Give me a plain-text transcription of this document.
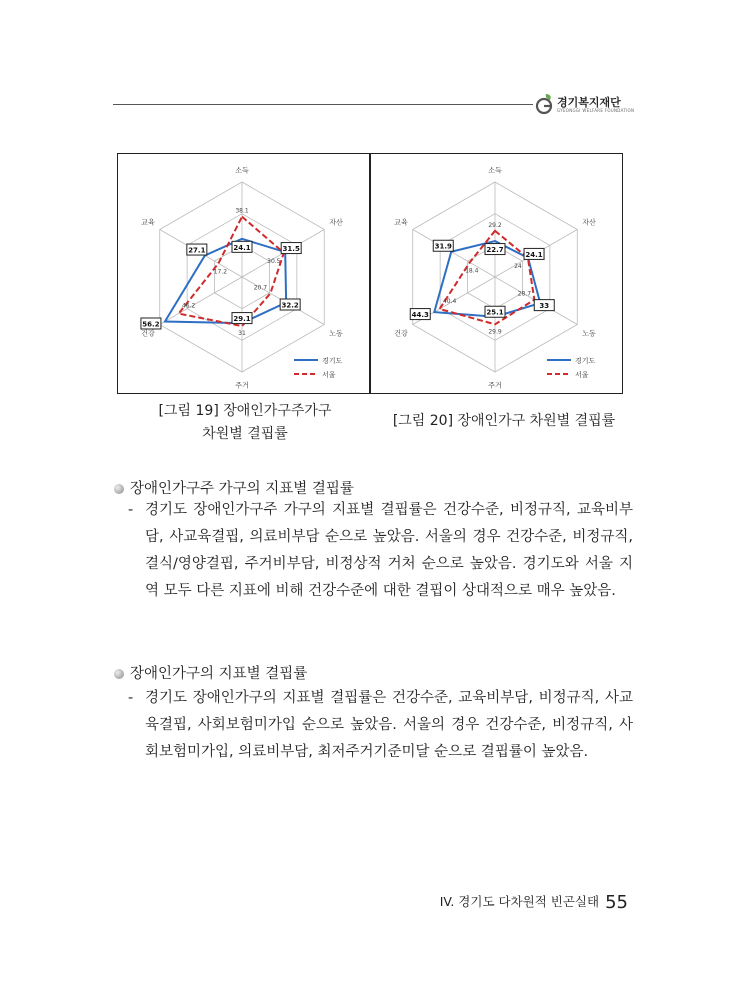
경기복지재단
GYEONGGI WELFARE FOUNDATION
소득
자산
노동
주거
건강
교육
24.1	31.5
32.2
29.1
56.2
27.1
38.1
30.5
20.7
31
46.2
17.2
경기도
서울
소득
자산
노동
주거
건강
교육
22.7
24.1
33
25.1
44.3
31.9
29.2
24
28.7
29.9
40.4
18.4
경기도
서울
[그림 19] 장애인가구주가구
차원별 결핍률
[그림 20] 장애인가구 차원별 결핍률
장애인가구주 가구의 지표별 결핍률
- 경기도 장애인가구주 가구의 지표별 결핍률은 건강수준, 비정규직, 교육비부담, 사교육결핍, 의료비부담 순으로 높았음. 서울의 경우 건강수준, 비정규직, 결식/영양결핍, 주거비부담, 비정상적 거처 순으로 높았음. 경기도와 서울 지역 모두 다른 지표에 비해 건강수준에 대한 결핍이 상대적으로 매우 높았음.
장애인가구의 지표별 결핍률
- 경기도 장애인가구의 지표별 결핍률은 건강수준, 교육비부담, 비정규직, 사교육결핍, 사회보험미가입 순으로 높았음. 서울의 경우 건강수준, 비정규직, 사회보험미가입, 의료비부담, 최저주거기준미달 순으로 결핍률이 높았음.
IV. 경기도 다차원적 빈곤실태 55
